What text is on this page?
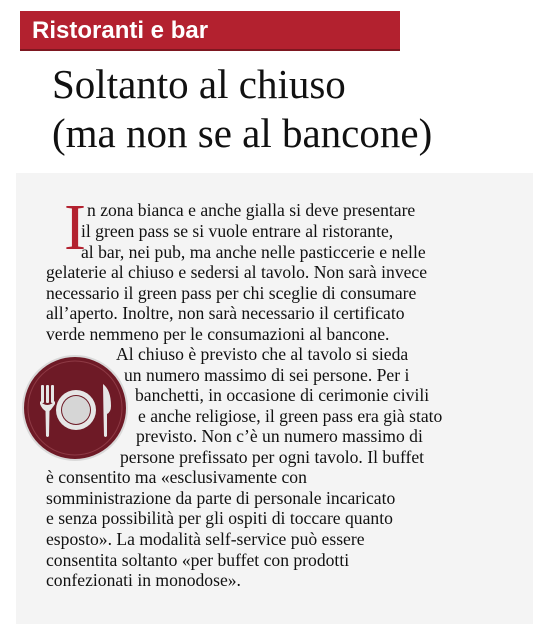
Ristoranti e bar
Soltanto al chiuso
(ma non se al bancone)
I n zona bianca e anche gialla si deve presentare
il green pass se si vuole entrare al ristorante,
al bar, nei pub, ma anche nelle pasticcerie e nelle
gelaterie al chiuso e sedersi al tavolo. Non sarà invece
necessario il green pass per chi sceglie di consumare
all’aperto. Inoltre, non sarà necessario il certificato
verde nemmeno per le consumazioni al bancone.
Al chiuso è previsto che al tavolo si sieda
un numero massimo di sei persone. Per i
banchetti, in occasione di cerimonie civili
e anche religiose, il green pass era già stato
previsto. Non c’è un numero massimo di
persone prefissato per ogni tavolo. Il buffet
è consentito ma «esclusivamente con
somministrazione da parte di personale incaricato
e senza possibilità per gli ospiti di toccare quanto
esposto». La modalità self-service può essere
consentita soltanto «per buffet con prodotti
confezionati in monodose».
